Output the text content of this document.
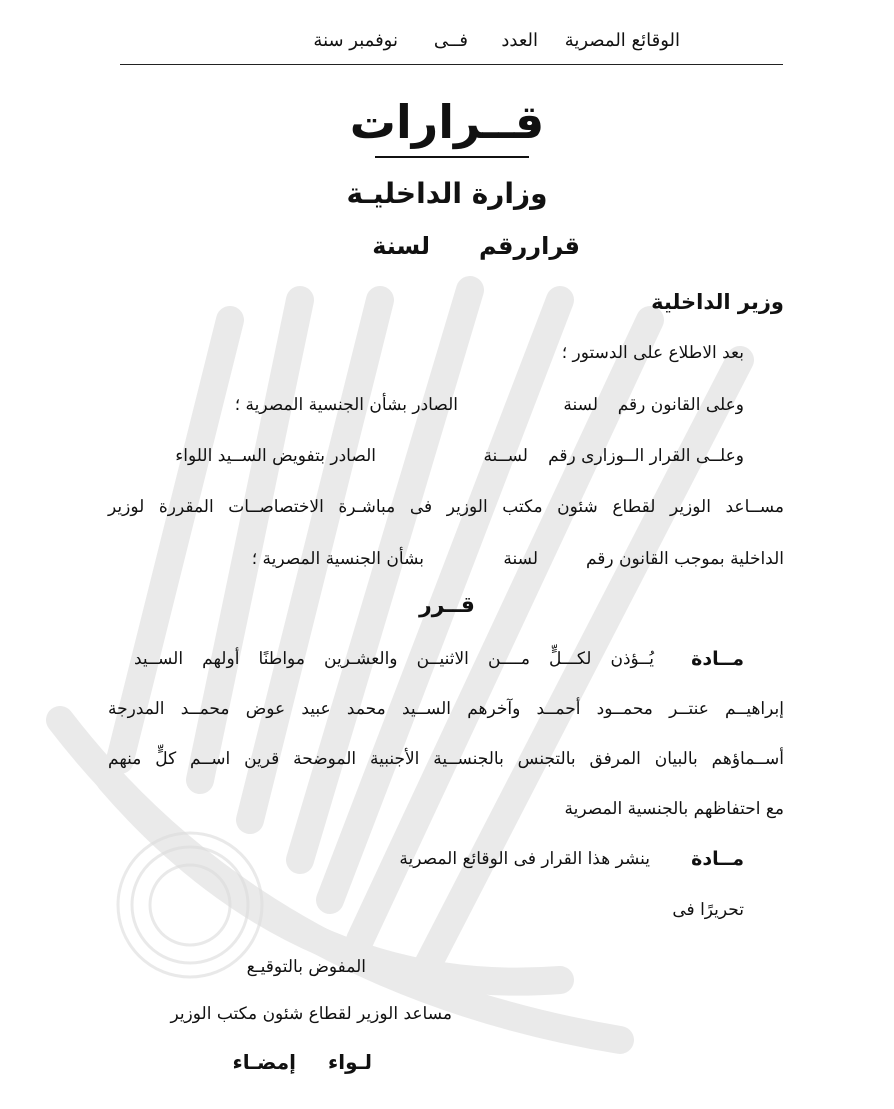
الوقائع المصرية
العدد
فــى
نوفمبر سنة
قــرارات
وزارة الداخليـة
قراررقم
لسنة
وزير الداخلية
بعد الاطلاع على الدستور ؛
وعلى القانون رقم
لسنة
الصادر بشأن الجنسية المصرية ؛
وعلــى القرار الــوزارى رقم
لســنة
الصادر بتفويض الســيد اللواء
مســاعد الوزير لقطاع شئون مكتب الوزير فى مباشـرة الاختصاصــات المقررة لوزير
الداخلية بموجب القانون رقم
لسنة
بشأن الجنسية المصرية ؛
قــرر
مــادة
يُــؤذن لكـــلٍّ مــــن الاثنيــن والعشـرين مواطنًا أولهم الســيد
إبراهيــم عنتــر محمــود أحمــد وآخرهم الســيد محمد عبيد عوض محمــد المدرجة
أســماؤهم بالبيان المرفق بالتجنس بالجنســية الأجنبية الموضحة قرين اســم كلٍّ منهم
مع احتفاظهم بالجنسية المصرية
مــادة
ينشر هذا القرار فى الوقائع المصرية
تحريرًا فى
المفوض بالتوقيـع
مساعد الوزير لقطاع شئون مكتب الوزير
لـواء
إمضـاء
